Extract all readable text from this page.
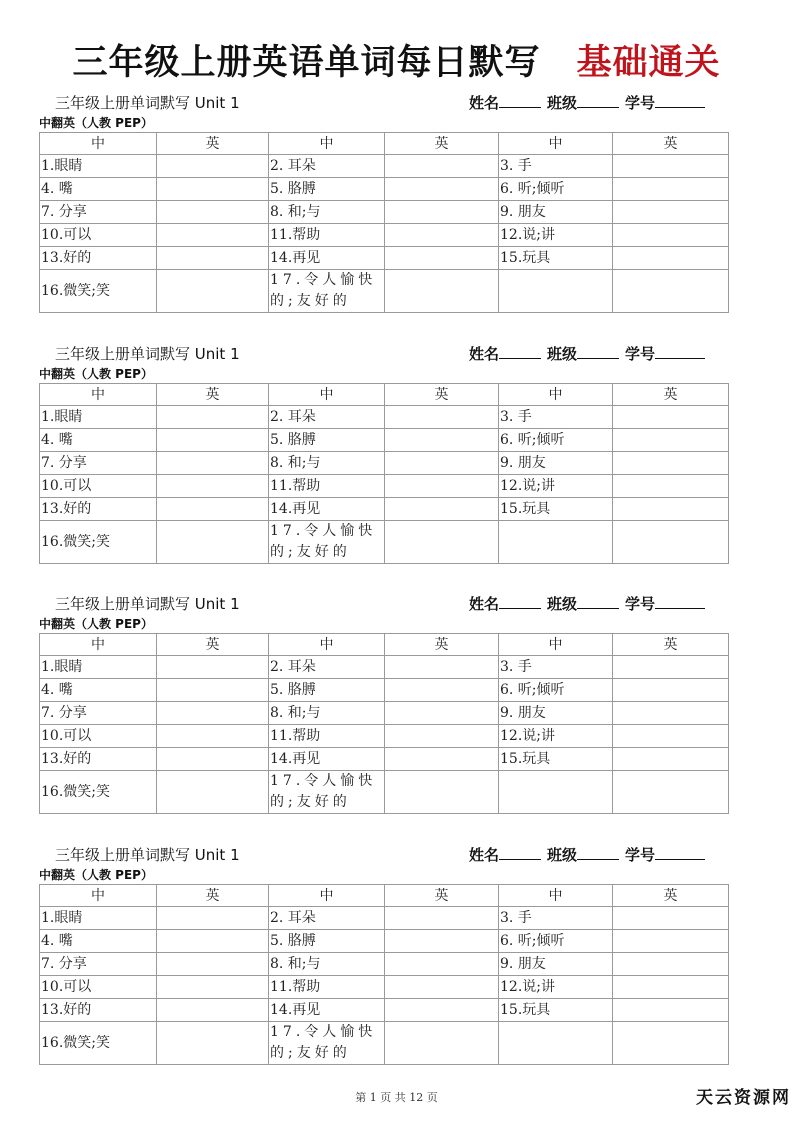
三年级上册英语单词每日默写 基础通关
三年级上册单词默写 Unit 1	姓名	班级	学号
中翻英（人教 PEP）
中	英	中	英	中	英
1.眼睛		2. 耳朵		3. 手	
4. 嘴		5. 胳膊		6. 听;倾听	
7. 分享		8. 和;与		9. 朋友	
10.可以		11.帮助		12.说;讲	
13.好的		14.再见		15.玩具	
16.微笑;笑		17.令人愉快的;友好的			
三年级上册单词默写 Unit 1	姓名	班级	学号
中翻英（人教 PEP）
中	英	中	英	中	英
1.眼睛		2. 耳朵		3. 手	
4. 嘴		5. 胳膊		6. 听;倾听	
7. 分享		8. 和;与		9. 朋友	
10.可以		11.帮助		12.说;讲	
13.好的		14.再见		15.玩具	
16.微笑;笑		17.令人愉快的;友好的			
三年级上册单词默写 Unit 1	姓名	班级	学号
中翻英（人教 PEP）
中	英	中	英	中	英
1.眼睛		2. 耳朵		3. 手	
4. 嘴		5. 胳膊		6. 听;倾听	
7. 分享		8. 和;与		9. 朋友	
10.可以		11.帮助		12.说;讲	
13.好的		14.再见		15.玩具	
16.微笑;笑		17.令人愉快的;友好的			
三年级上册单词默写 Unit 1	姓名	班级	学号
中翻英（人教 PEP）
中	英	中	英	中	英
1.眼睛		2. 耳朵		3. 手	
4. 嘴		5. 胳膊		6. 听;倾听	
7. 分享		8. 和;与		9. 朋友	
10.可以		11.帮助		12.说;讲	
13.好的		14.再见		15.玩具	
16.微笑;笑		17.令人愉快的;友好的			
第 1 页 共 12 页	天云资源网
